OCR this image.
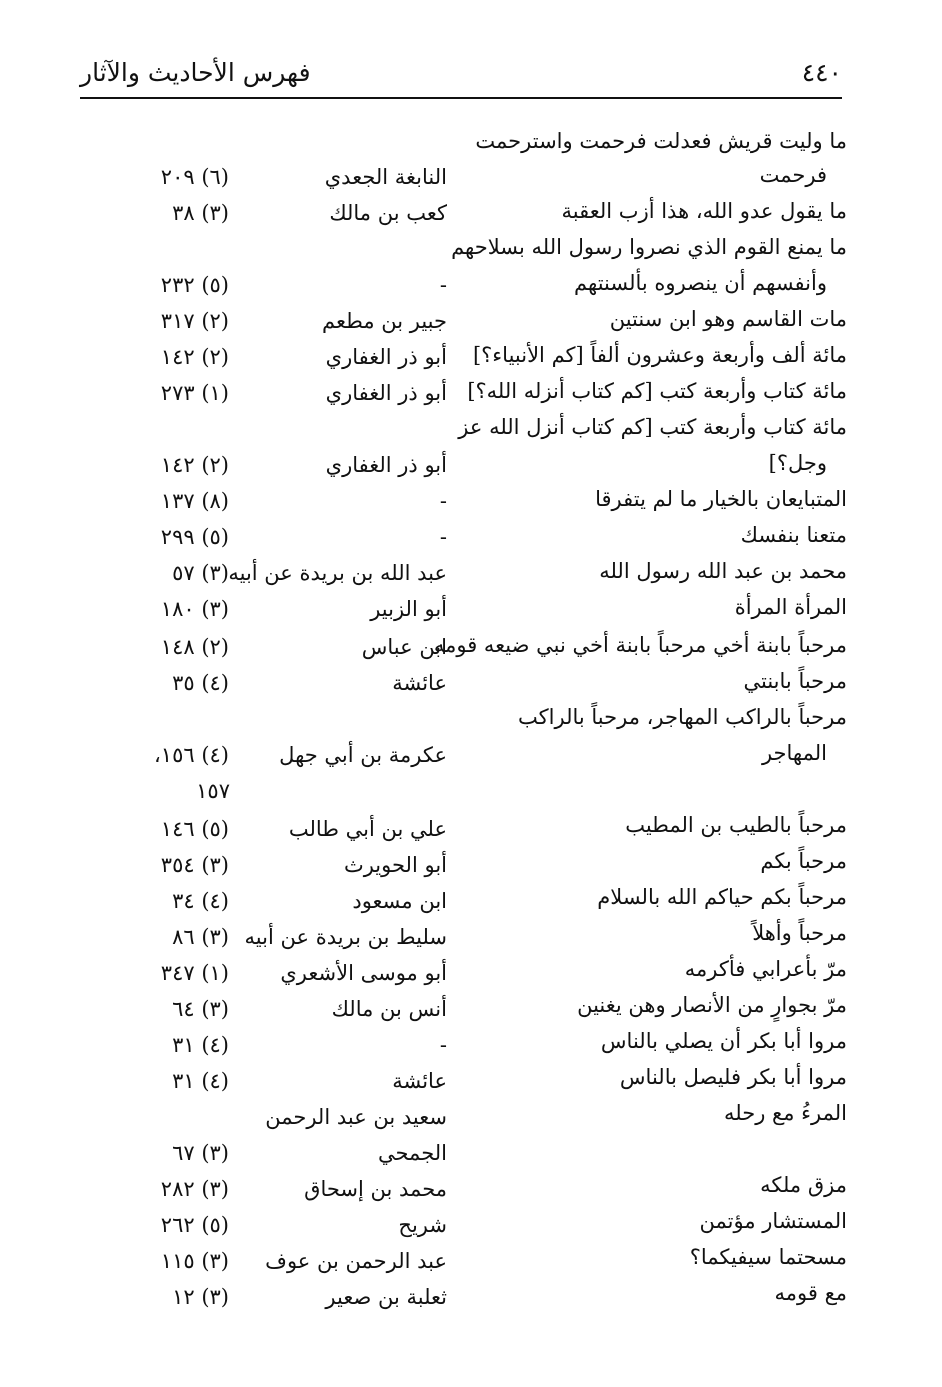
٤٤٠
فهرس الأحاديث والآثار
ما وليت قريش فعدلت فرحمت واسترحمت
فرحمت
ما يقول عدو الله، هذا أزب العقبة
ما يمنع القوم الذي نصروا رسول الله بسلاحهم
وأنفسهم أن ينصروه بألسنتهم
مات القاسم وهو ابن سنتين
مائة ألف وأربعة وعشرون ألفاً [كم الأنبياء؟]
مائة كتاب وأربعة كتب [كم كتاب أنزله الله؟]
مائة كتاب وأربعة كتب [كم كتاب أنزل الله عز
وجل؟]
المتبايعان بالخيار ما لم يتفرقا
متعنا بنفسك
محمد بن عبد الله رسول الله
المرأة المرأة
مرحباً بابنة أخي مرحباً بابنة أخي نبي ضيعه قومه
مرحباً بابنتي
مرحباً بالراكب المهاجر، مرحباً بالراكب
المهاجر
مرحباً بالطيب بن المطيب
مرحباً بكم
مرحباً بكم حياكم الله بالسلام
مرحباً وأهلاً
مرّ بأعرابي فأكرمه
مرّ بجوارٍ من الأنصار وهن يغنين
مروا أبا بكر أن يصلي بالناس
مروا أبا بكر فليصل بالناس
المرءُ مع رحله
مزق ملكه
المستشار مؤتمن
مسحتما سيفيكما؟
مع قومه
النابغة الجعدي
كعب بن مالك
-
جبير بن مطعم
أبو ذر الغفاري
أبو ذر الغفاري
أبو ذر الغفاري
-
-
عبد الله بن بريدة عن أبيه
أبو الزبير
ابن عباس
عائشة
عكرمة بن أبي جهل
علي بن أبي طالب
أبو الحويرث
ابن مسعود
سليط بن بريدة عن أبيه
أبو موسى الأشعري
أنس بن مالك
-
عائشة
سعيد بن عبد الرحمن
الجمحي
محمد بن إسحاق
شريح
عبد الرحمن بن عوف
ثعلبة بن صعير
(٦) ٢٠٩
(٣) ٣٨
(٥) ٢٣٢
(٢) ٣١٧
(٢) ١٤٢
(١) ٢٧٣
(٢) ١٤٢
(٨) ١٣٧
(٥) ٢٩٩
(٣) ٥٧
(٣) ١٨٠
(٢) ١٤٨
(٤) ٣٥
(٤) ١٥٦،
١٥٧
(٥) ١٤٦
(٣) ٣٥٤
(٤) ٣٤
(٣) ٨٦
(١) ٣٤٧
(٣) ٦٤
(٤) ٣١
(٤) ٣١
(٣) ٦٧
(٣) ٢٨٢
(٥) ٢٦٢
(٣) ١١٥
(٣) ١٢
